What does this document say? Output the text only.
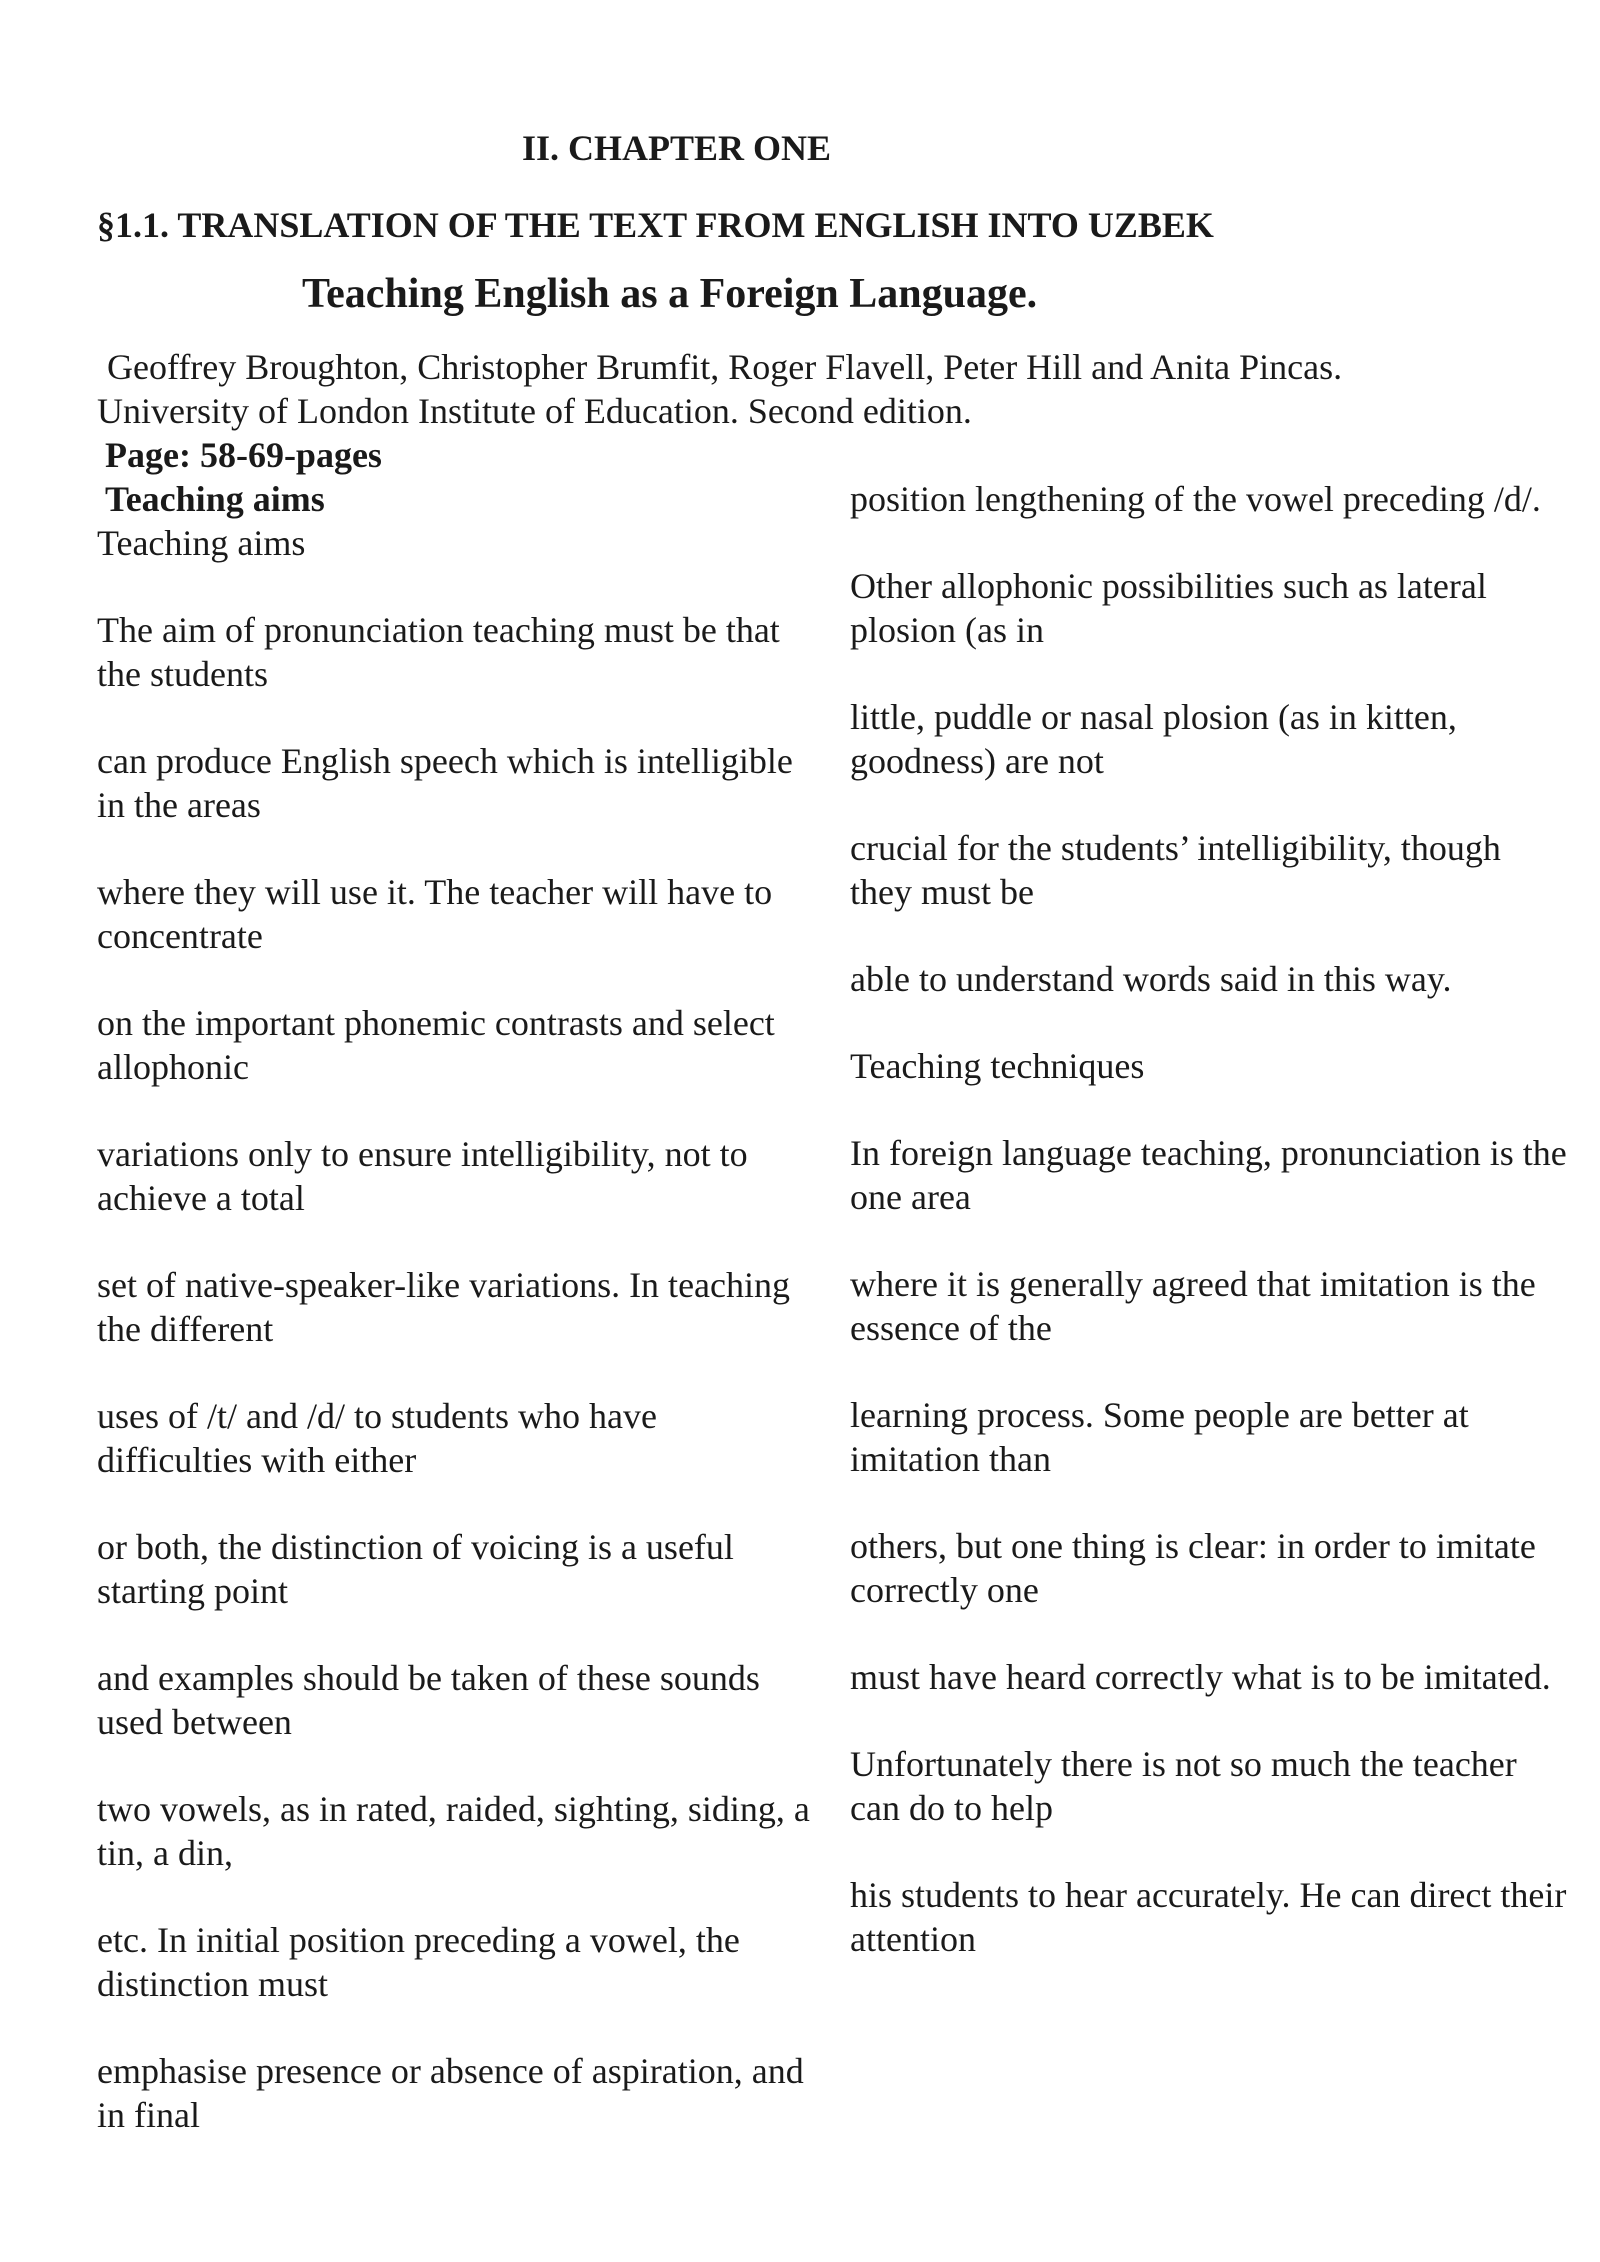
II. CHAPTER ONE
§1.1. TRANSLATION OF THE TEXT FROM ENGLISH INTO UZBEK
Teaching English as a Foreign Language.
Geoffrey Broughton, Christopher Brumfit, Roger Flavell, Peter Hill and Anita Pincas.
University of London Institute of Education. Second edition.
Page: 58-69-pages
Teaching aims

Teaching aims

The aim of pronunciation teaching must be that the students

can produce English speech which is intelligible in the areas

where they will use it. The teacher will have to concentrate

on the important phonemic contrasts and select allophonic

variations only to ensure intelligibility, not to achieve a total

set of native-speaker-like variations. In teaching the different

uses of /t/ and /d/ to students who have difficulties with either

or both, the distinction of voicing is a useful starting point

and examples should be taken of these sounds used between

two vowels, as in rated, raided, sighting, siding, a tin, a din,

etc. In initial position preceding a vowel, the distinction must

emphasise presence or absence of aspiration, and in final

position lengthening of the vowel preceding /d/.

Other allophonic possibilities such as lateral plosion (as in

little, puddle or nasal plosion (as in kitten, goodness) are not

crucial for the students’ intelligibility, though they must be

able to understand words said in this way.

Teaching techniques

In foreign language teaching, pronunciation is the one area

where it is generally agreed that imitation is the essence of the

learning process. Some people are better at imitation than

others, but one thing is clear: in order to imitate correctly one

must have heard correctly what is to be imitated.

Unfortunately there is not so much the teacher can do to help

his students to hear accurately. He can direct their attention
